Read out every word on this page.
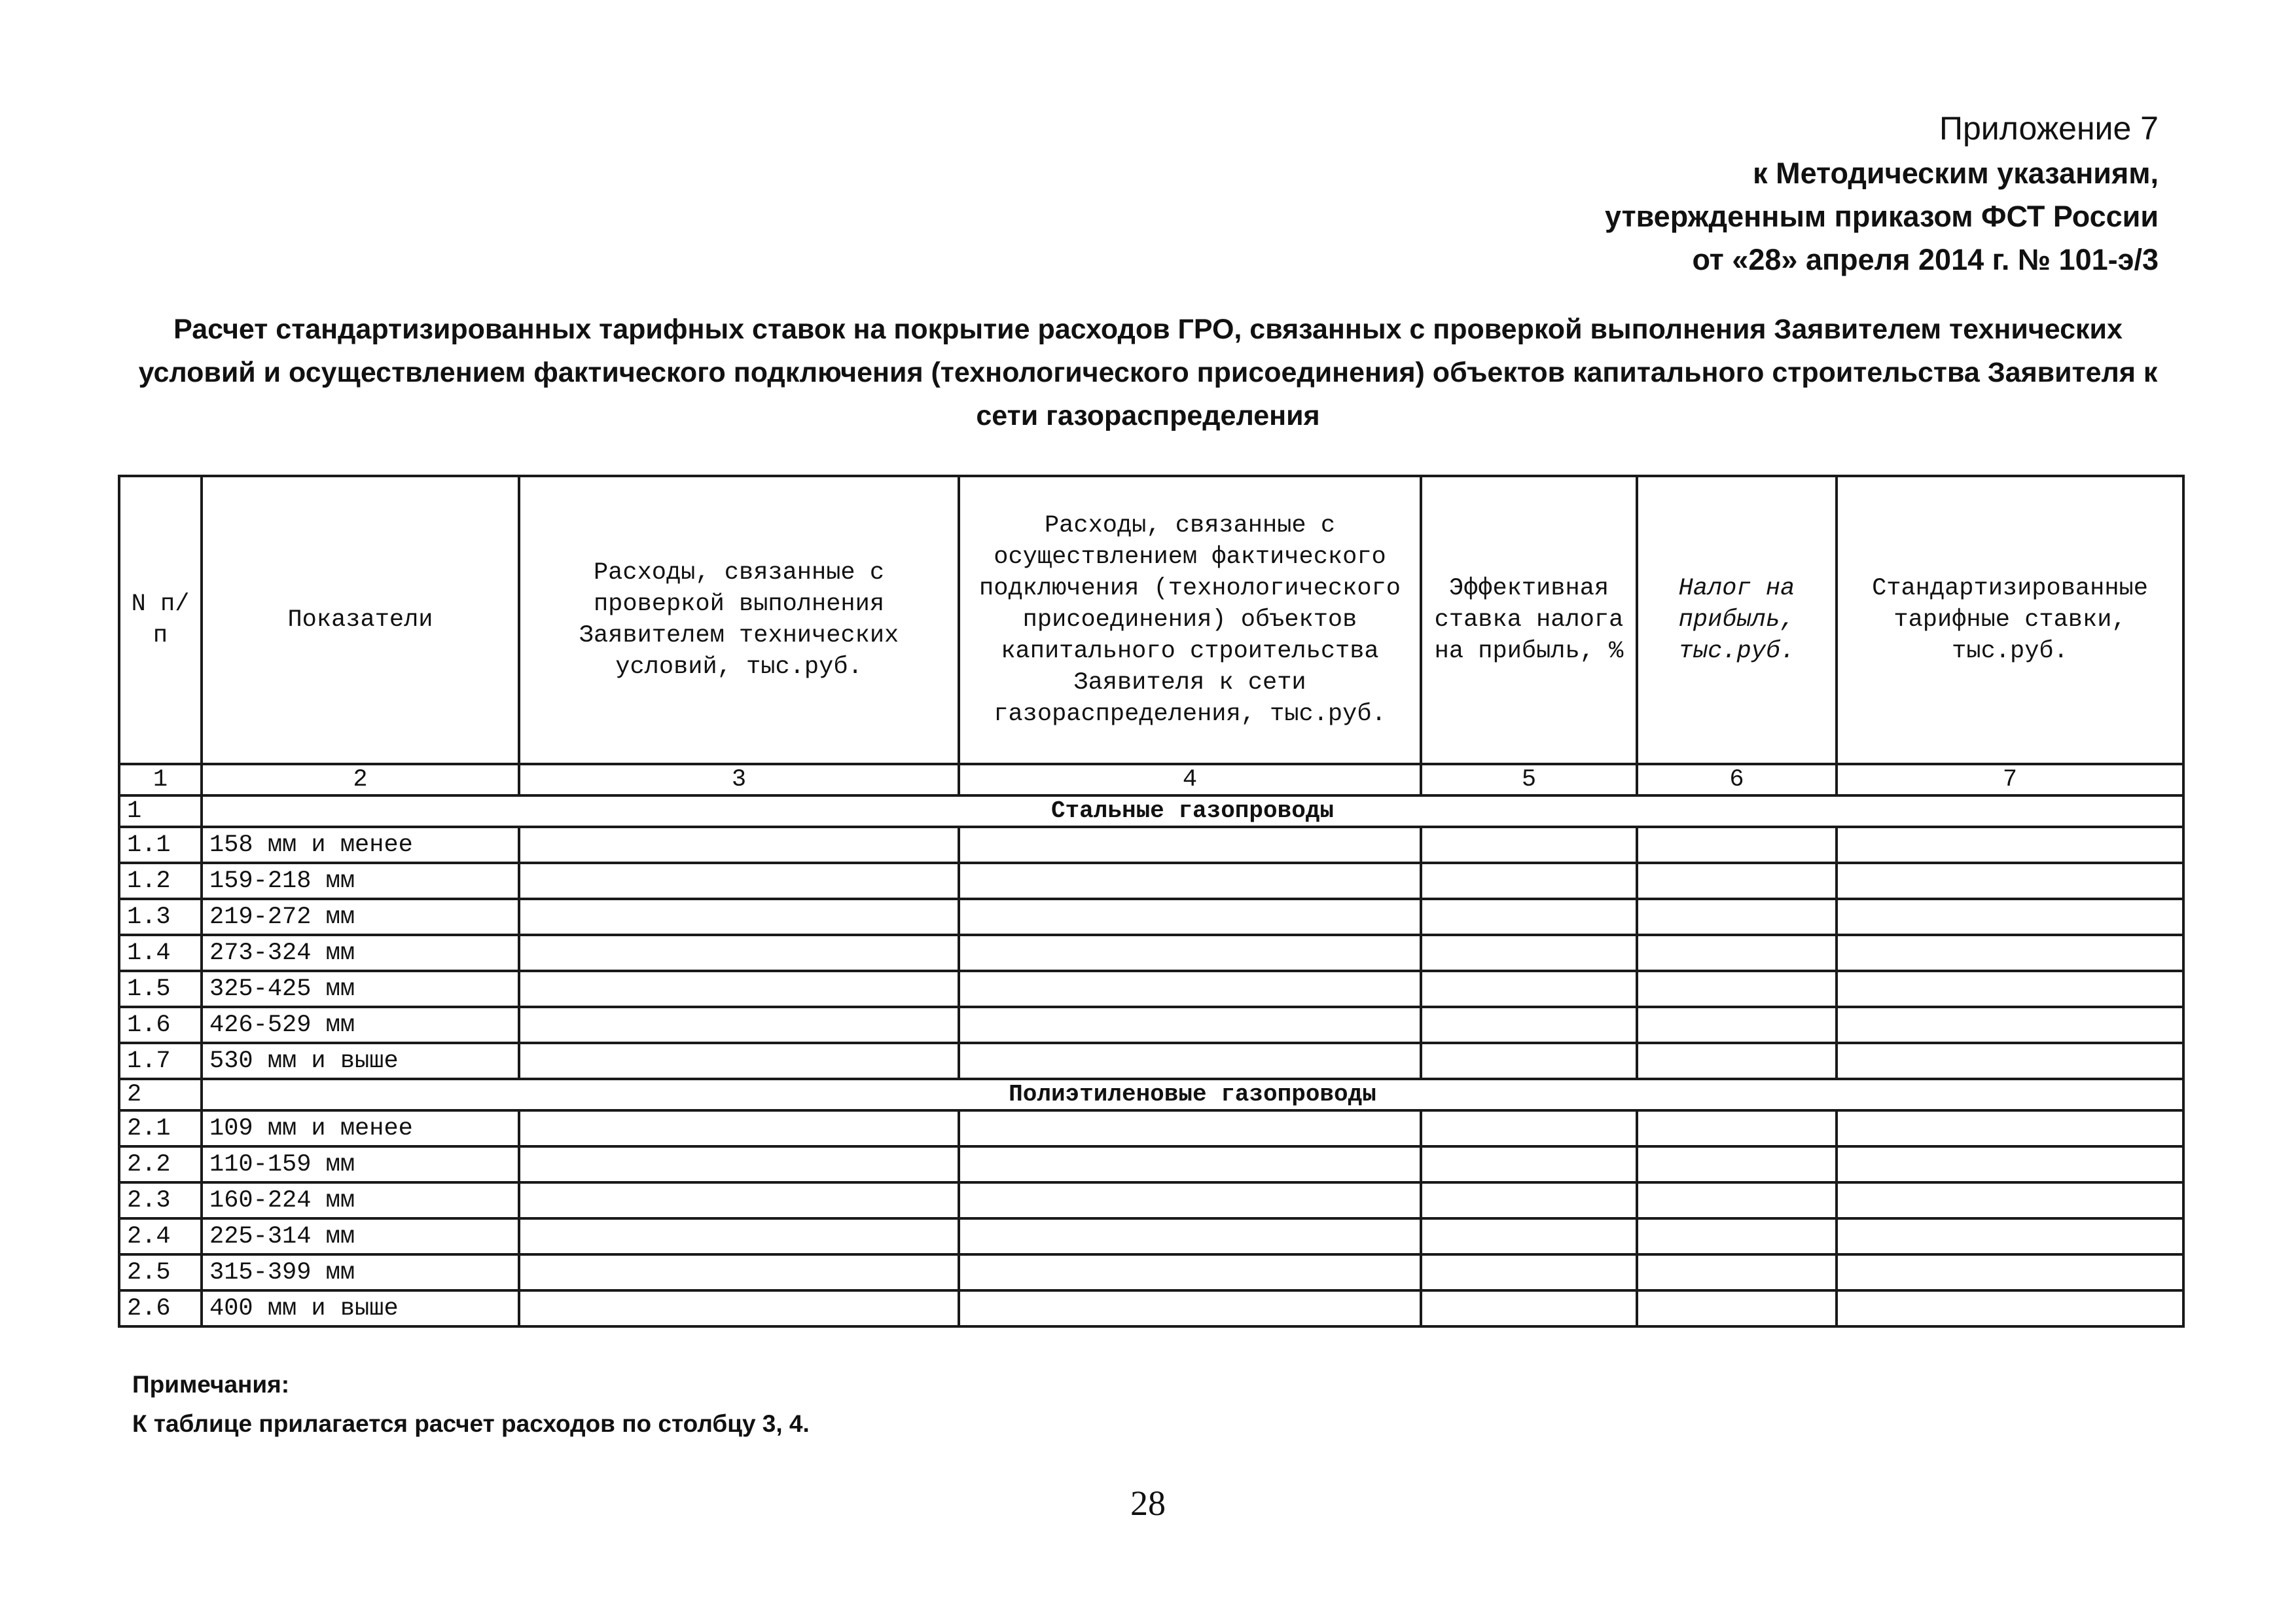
Приложение 7
к Методическим указаниям,
утвержденным приказом ФСТ России
от «28» апреля 2014 г. № 101-э/3
Расчет стандартизированных тарифных ставок на покрытие расходов ГРО, связанных с проверкой выполнения Заявителем технических условий и осуществлением фактического подключения (технологического присоединения) объектов капитального строительства Заявителя к сети газораспределения
N п/п	Показатели	Расходы, связанные с проверкой выполнения Заявителем технических условий, тыс.руб.	Расходы, связанные с осуществлением фактического подключения (технологического присоединения) объектов капитального строительства Заявителя к сети газораспределения, тыс.руб.	Эффективная ставка налога на прибыль, %	Налог на прибыль, тыс.руб.	Стандартизированные тарифные ставки, тыс.руб.
1	2	3	4	5	6	7
1	Стальные газопроводы					
1.1	158 мм и менее					
1.2	159-218 мм					
1.3	219-272 мм					
1.4	273-324 мм					
1.5	325-425 мм					
1.6	426-529 мм					
1.7	530 мм и выше					
2	Полиэтиленовые газопроводы					
2.1	109 мм и менее					
2.2	110-159 мм					
2.3	160-224 мм					
2.4	225-314 мм					
2.5	315-399 мм					
2.6	400 мм и выше					
Примечания:
К таблице прилагается расчет расходов по столбцу 3, 4.
28
